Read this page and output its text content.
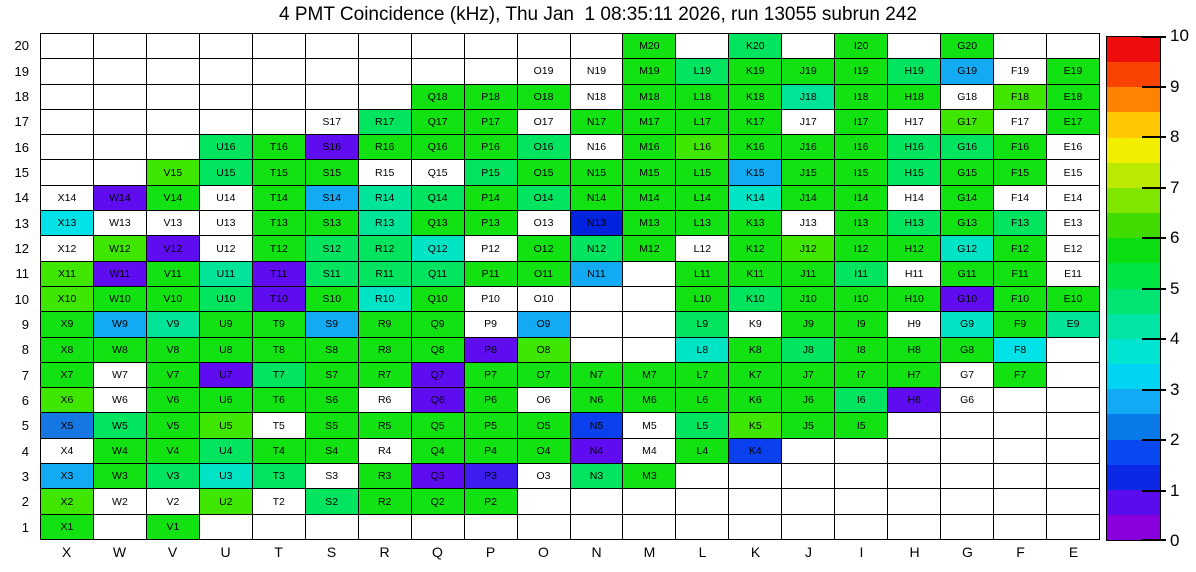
4 PMT Coincidence (kHz), Thu Jan  1 08:35:11 2026, run 13055 subrun 242
20
19
18
17
16
15
14
13
12
11
10
9
8
7
6
5
4
3
2
1
M20	K20	I20	G20
O19	N19	M19	L19	K19	J19	I19	H19	G19	F19	E19
Q18	P18	O18	N18	M18	L18	K18	J18	I18	H18	G18	F18	E18
S17	R17	Q17	P17	O17	N17	M17	L17	K17	J17	I17	H17	G17	F17	E17
U16	T16	S16	R16	Q16	P16	O16	N16	M16	L16	K16	J16	I16	H16	G16	F16	E16
V15	U15	T15	S15	R15	Q15	P15	O15	N15	M15	L15	K15	J15	I15	H15	G15	F15	E15
X14	W14	V14	U14	T14	S14	R14	Q14	P14	O14	N14	M14	L14	K14	J14	I14	H14	G14	F14	E14
X13	W13	V13	U13	T13	S13	R13	Q13	P13	O13	N13	M13	L13	K13	J13	I13	H13	G13	F13	E13
X12	W12	V12	U12	T12	S12	R12	Q12	P12	O12	N12	M12	L12	K12	J12	I12	H12	G12	F12	E12
X11	W11	V11	U11	T11	S11	R11	Q11	P11	O11	N11	L11	K11	J11	I11	H11	G11	F11	E11
X10	W10	V10	U10	T10	S10	R10	Q10	P10	O10	L10	K10	J10	I10	H10	G10	F10	E10
X9	W9	V9	U9	T9	S9	R9	Q9	P9	O9	L9	K9	J9	I9	H9	G9	F9	E9
X8	W8	V8	U8	T8	S8	R8	Q8	P8	O8	L8	K8	J8	I8	H8	G8	F8
X7	W7	V7	U7	T7	S7	R7	Q7	P7	O7	N7	M7	L7	K7	J7	I7	H7	G7	F7
X6	W6	V6	U6	T6	S6	R6	Q6	P6	O6	N6	M6	L6	K6	J6	I6	H6	G6
X5	W5	V5	U5	T5	S5	R5	Q5	P5	O5	N5	M5	L5	K5	J5	I5
X4	W4	V4	U4	T4	S4	R4	Q4	P4	O4	N4	M4	L4	K4
X3	W3	V3	U3	T3	S3	R3	Q3	P3	O3	N3	M3
X2	W2	V2	U2	T2	S2	R2	Q2	P2
X1	V1
X	W	V	U	T	S	R	Q	P	O	N	M	L	K	J	I	H	G	F	E
10
9
8
7
6
5
4
3
2
1
0
